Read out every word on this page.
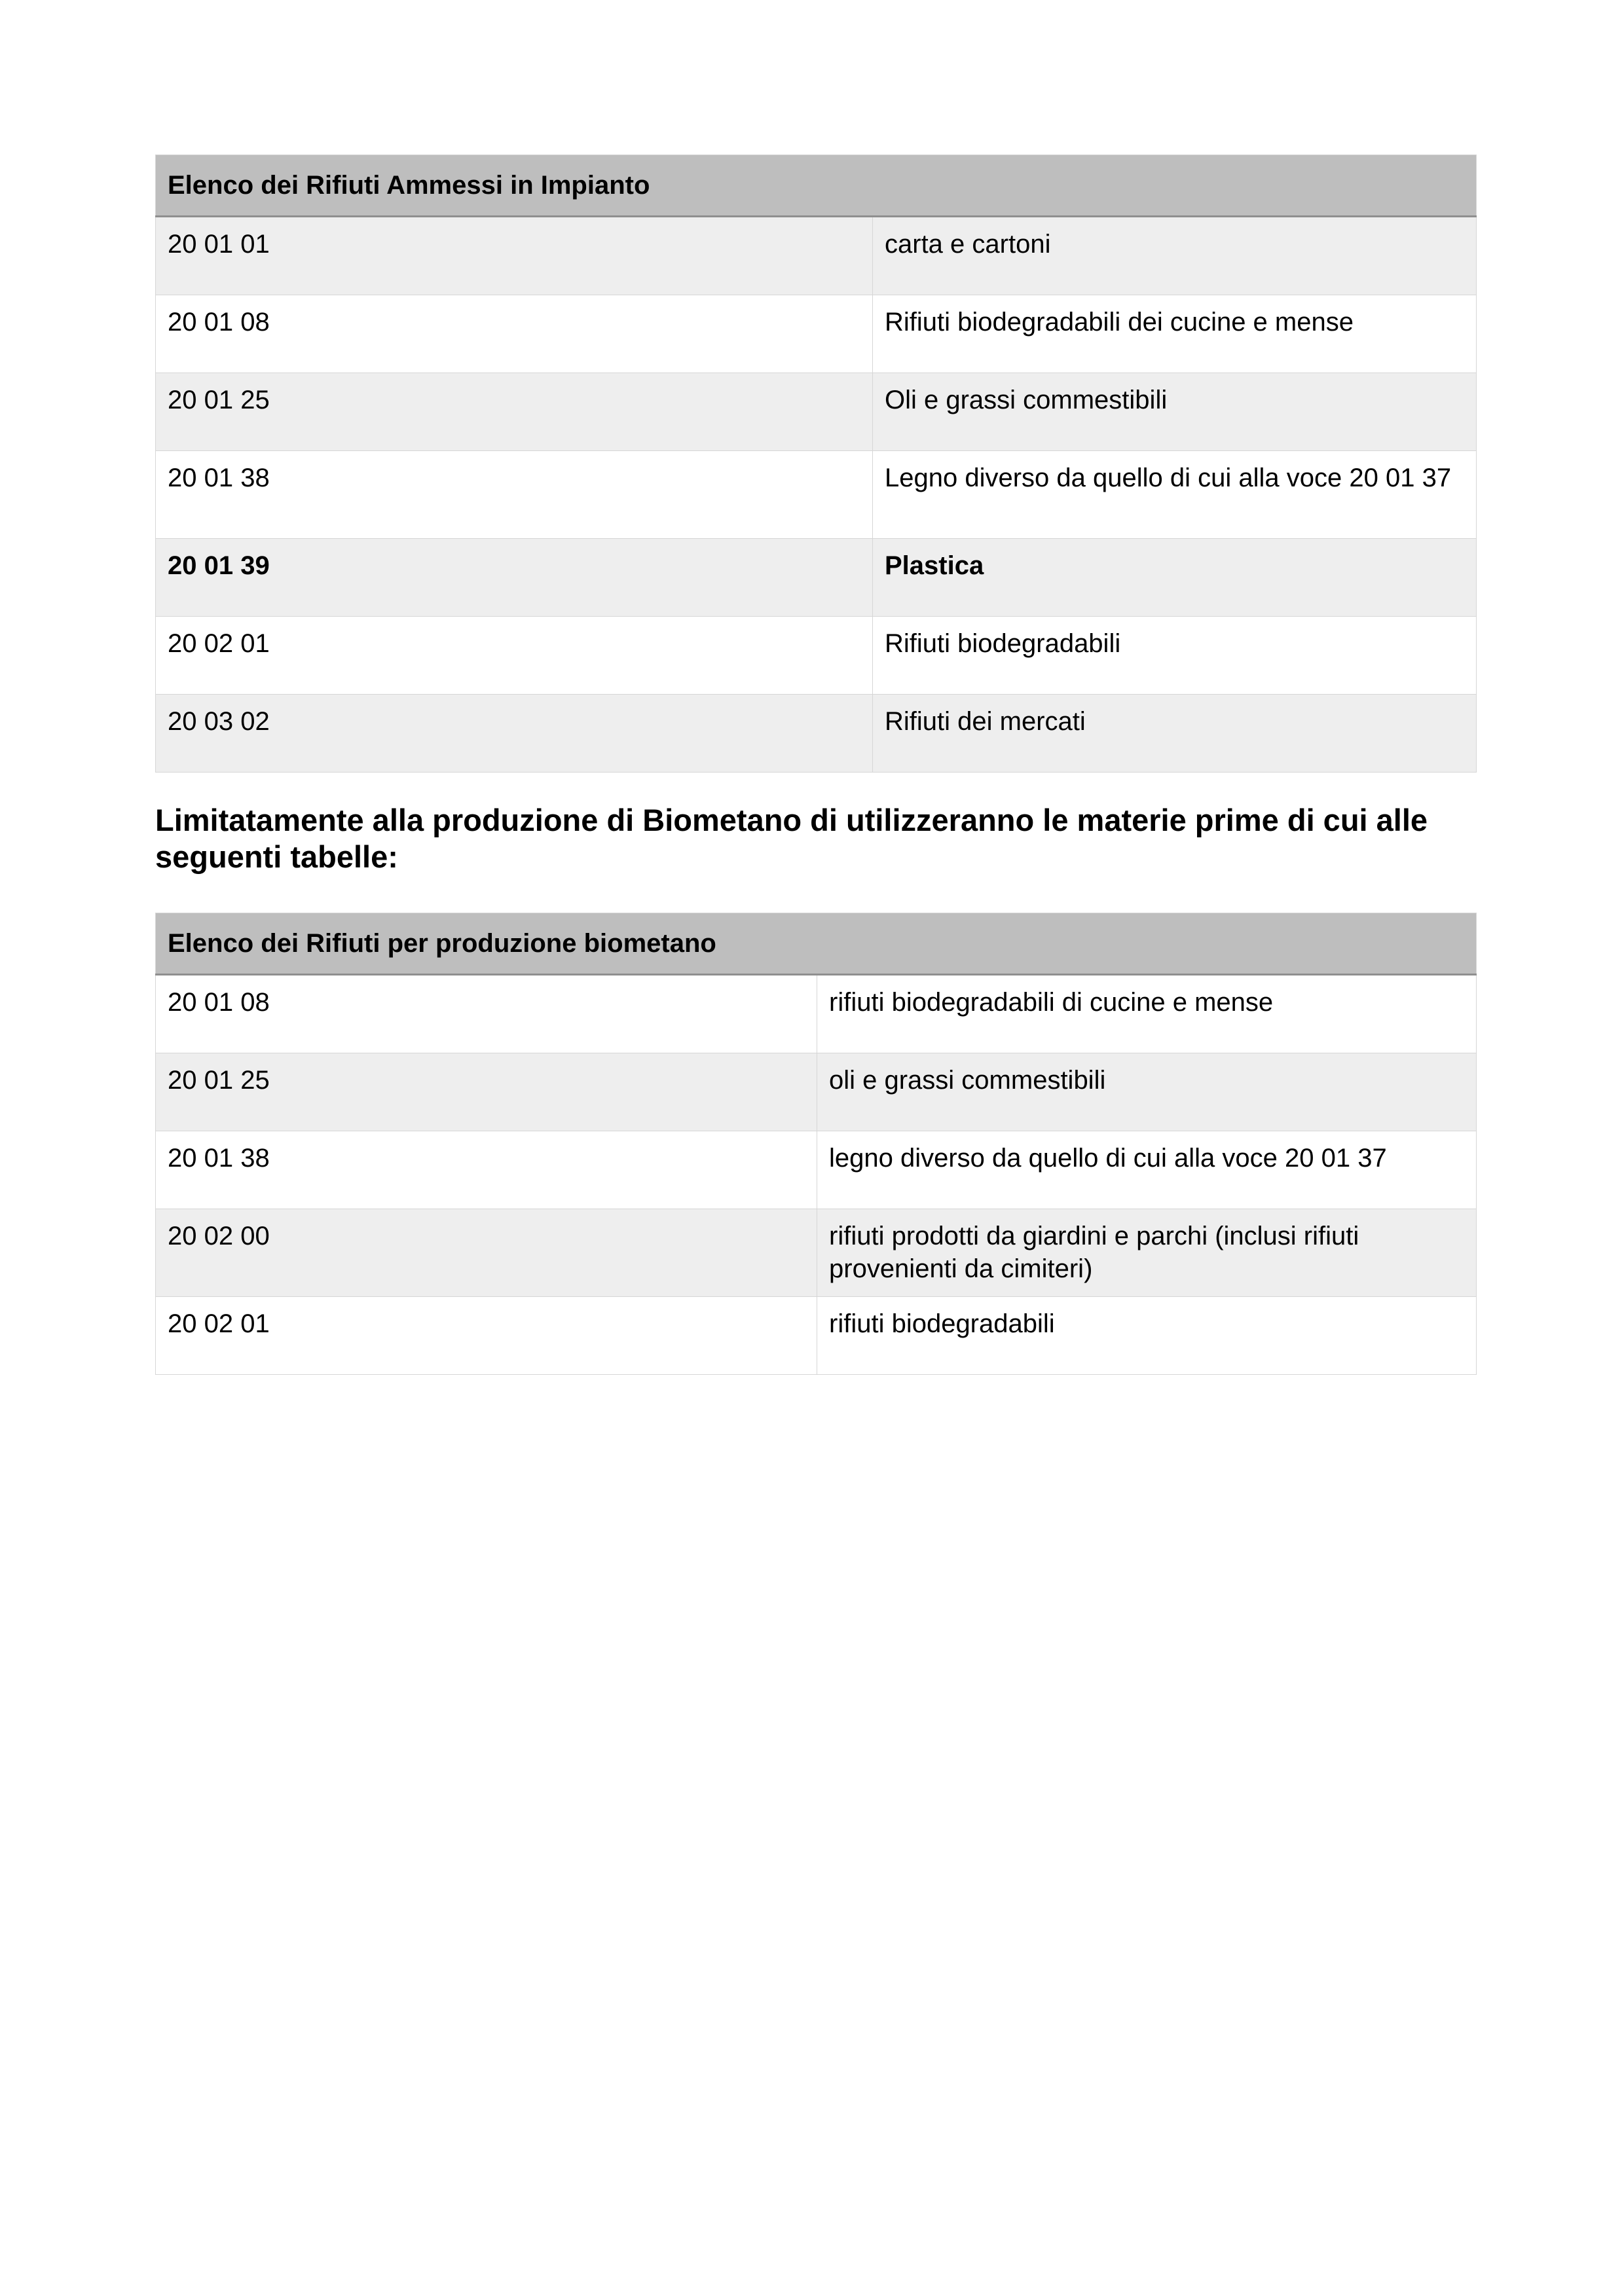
Elenco dei Rifiuti Ammessi in Impianto	
20 01 01	carta e cartoni
20 01 08	Rifiuti biodegradabili dei cucine e mense
20 01 25	Oli e grassi commestibili
20 01 38	Legno diverso da quello di cui alla voce 20 01 37
20 01 39	Plastica
20 02 01	Rifiuti biodegradabili
20 03 02	Rifiuti dei mercati
Limitatamente alla produzione di Biometano di utilizzeranno le materie prime di cui alle seguenti tabelle:
Elenco dei Rifiuti per produzione biometano	
20 01 08	rifiuti biodegradabili di cucine e mense
20 01 25	oli e grassi commestibili
20 01 38	legno diverso da quello di cui alla voce 20 01 37
20 02 00	rifiuti prodotti da giardini e parchi (inclusi rifiuti provenienti da cimiteri)
20 02 01	rifiuti biodegradabili
